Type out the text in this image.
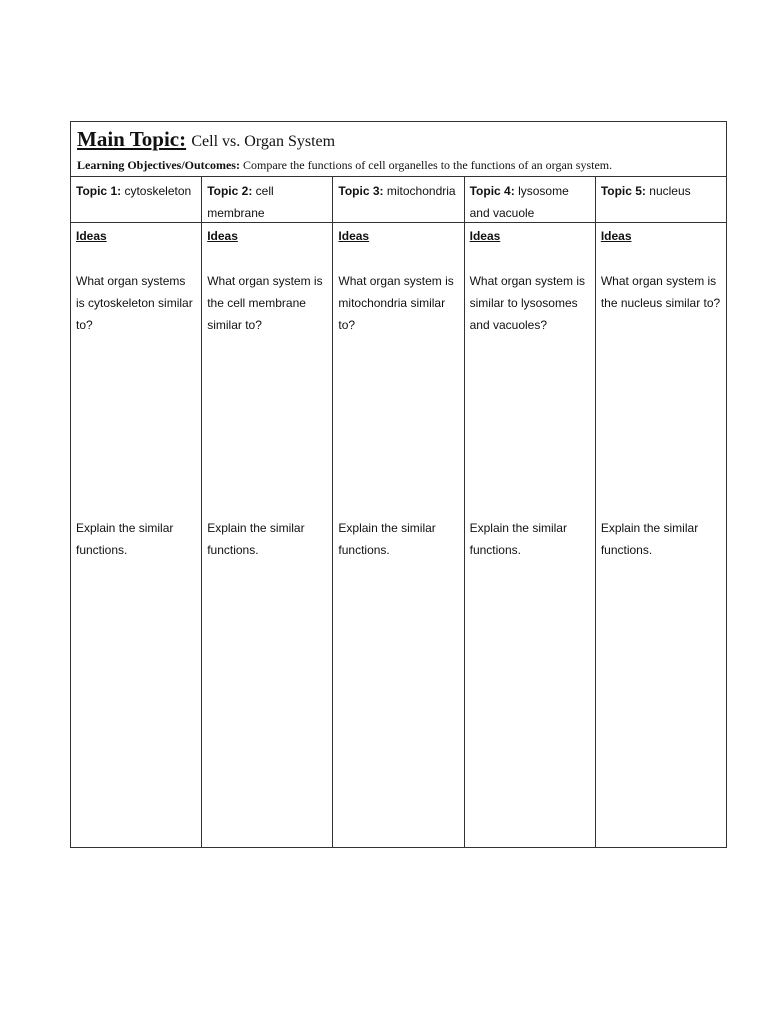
Main Topic: Cell vs. Organ System
Learning Objectives/Outcomes: Compare the functions of cell organelles to the functions of an organ system.
Topic 1: cytoskeleton
Ideas
What organ systems is cytoskeleton similar to?
Explain the similar functions.
Topic 2: cell membrane
Ideas
What organ system is the cell membrane similar to?
Explain the similar functions.
Topic 3: mitochondria
Ideas
What organ system is mitochondria similar to?
Explain the similar functions.
Topic 4: lysosome and vacuole
Ideas
What organ system is similar to lysosomes and vacuoles?
Explain the similar functions.
Topic 5: nucleus
Ideas
What organ system is the nucleus similar to?
Explain the similar functions.
